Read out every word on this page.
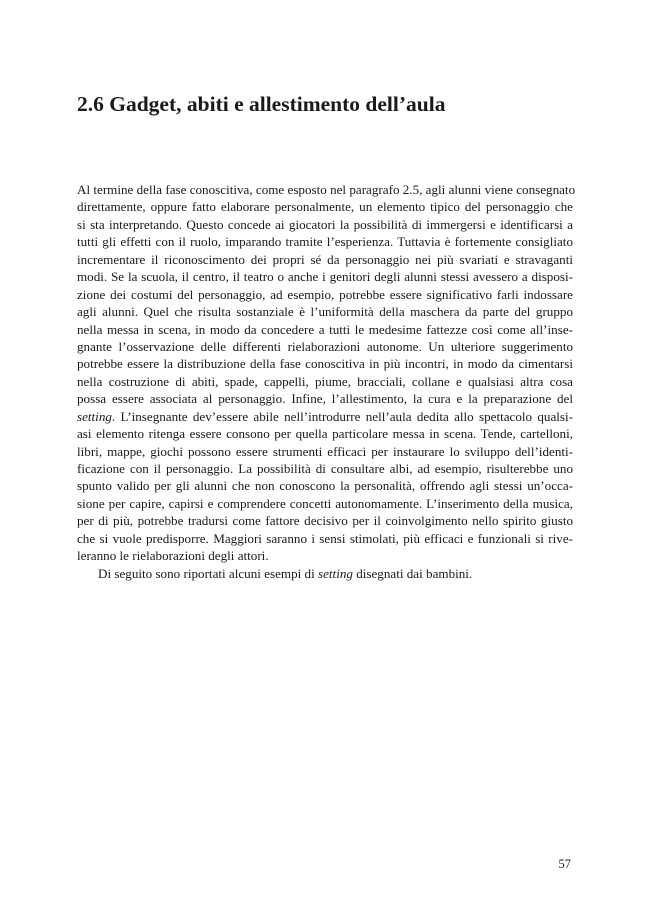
2.6 Gadget, abiti e allestimento dell’aula

Al termine della fase conoscitiva, come esposto nel paragrafo 2.5, agli alunni viene consegnato
direttamente, oppure fatto elaborare personalmente, un elemento tipico del personaggio che
si sta interpretando. Questo concede ai giocatori la possibilità di immergersi e identificarsi a
tutti gli effetti con il ruolo, imparando tramite l’esperienza. Tuttavia è fortemente consigliato
incrementare il riconoscimento dei propri sé da personaggio nei più svariati e stravaganti
modi. Se la scuola, il centro, il teatro o anche i genitori degli alunni stessi avessero a disposi-
zione dei costumi del personaggio, ad esempio, potrebbe essere significativo farli indossare
agli alunni. Quel che risulta sostanziale è l’uniformità della maschera da parte del gruppo
nella messa in scena, in modo da concedere a tutti le medesime fattezze così come all’inse-
gnante l’osservazione delle differenti rielaborazioni autonome. Un ulteriore suggerimento
potrebbe essere la distribuzione della fase conoscitiva in più incontri, in modo da cimentarsi
nella costruzione di abiti, spade, cappelli, piume, bracciali, collane e qualsiasi altra cosa
possa essere associata al personaggio. Infine, l’allestimento, la cura e la preparazione del
setting. L’insegnante dev’essere abile nell’introdurre nell’aula dedita allo spettacolo qualsi-
asi elemento ritenga essere consono per quella particolare messa in scena. Tende, cartelloni,
libri, mappe, giochi possono essere strumenti efficaci per instaurare lo sviluppo dell’identi-
ficazione con il personaggio. La possibilità di consultare albi, ad esempio, risulterebbe uno
spunto valido per gli alunni che non conoscono la personalità, offrendo agli stessi un’occa-
sione per capire, capirsi e comprendere concetti autonomamente. L’inserimento della musica,
per di più, potrebbe tradursi come fattore decisivo per il coinvolgimento nello spirito giusto
che si vuole predisporre. Maggiori saranno i sensi stimolati, più efficaci e funzionali si rive-
leranno le rielaborazioni degli attori.

Di seguito sono riportati alcuni esempi di setting disegnati dai bambini.

57
